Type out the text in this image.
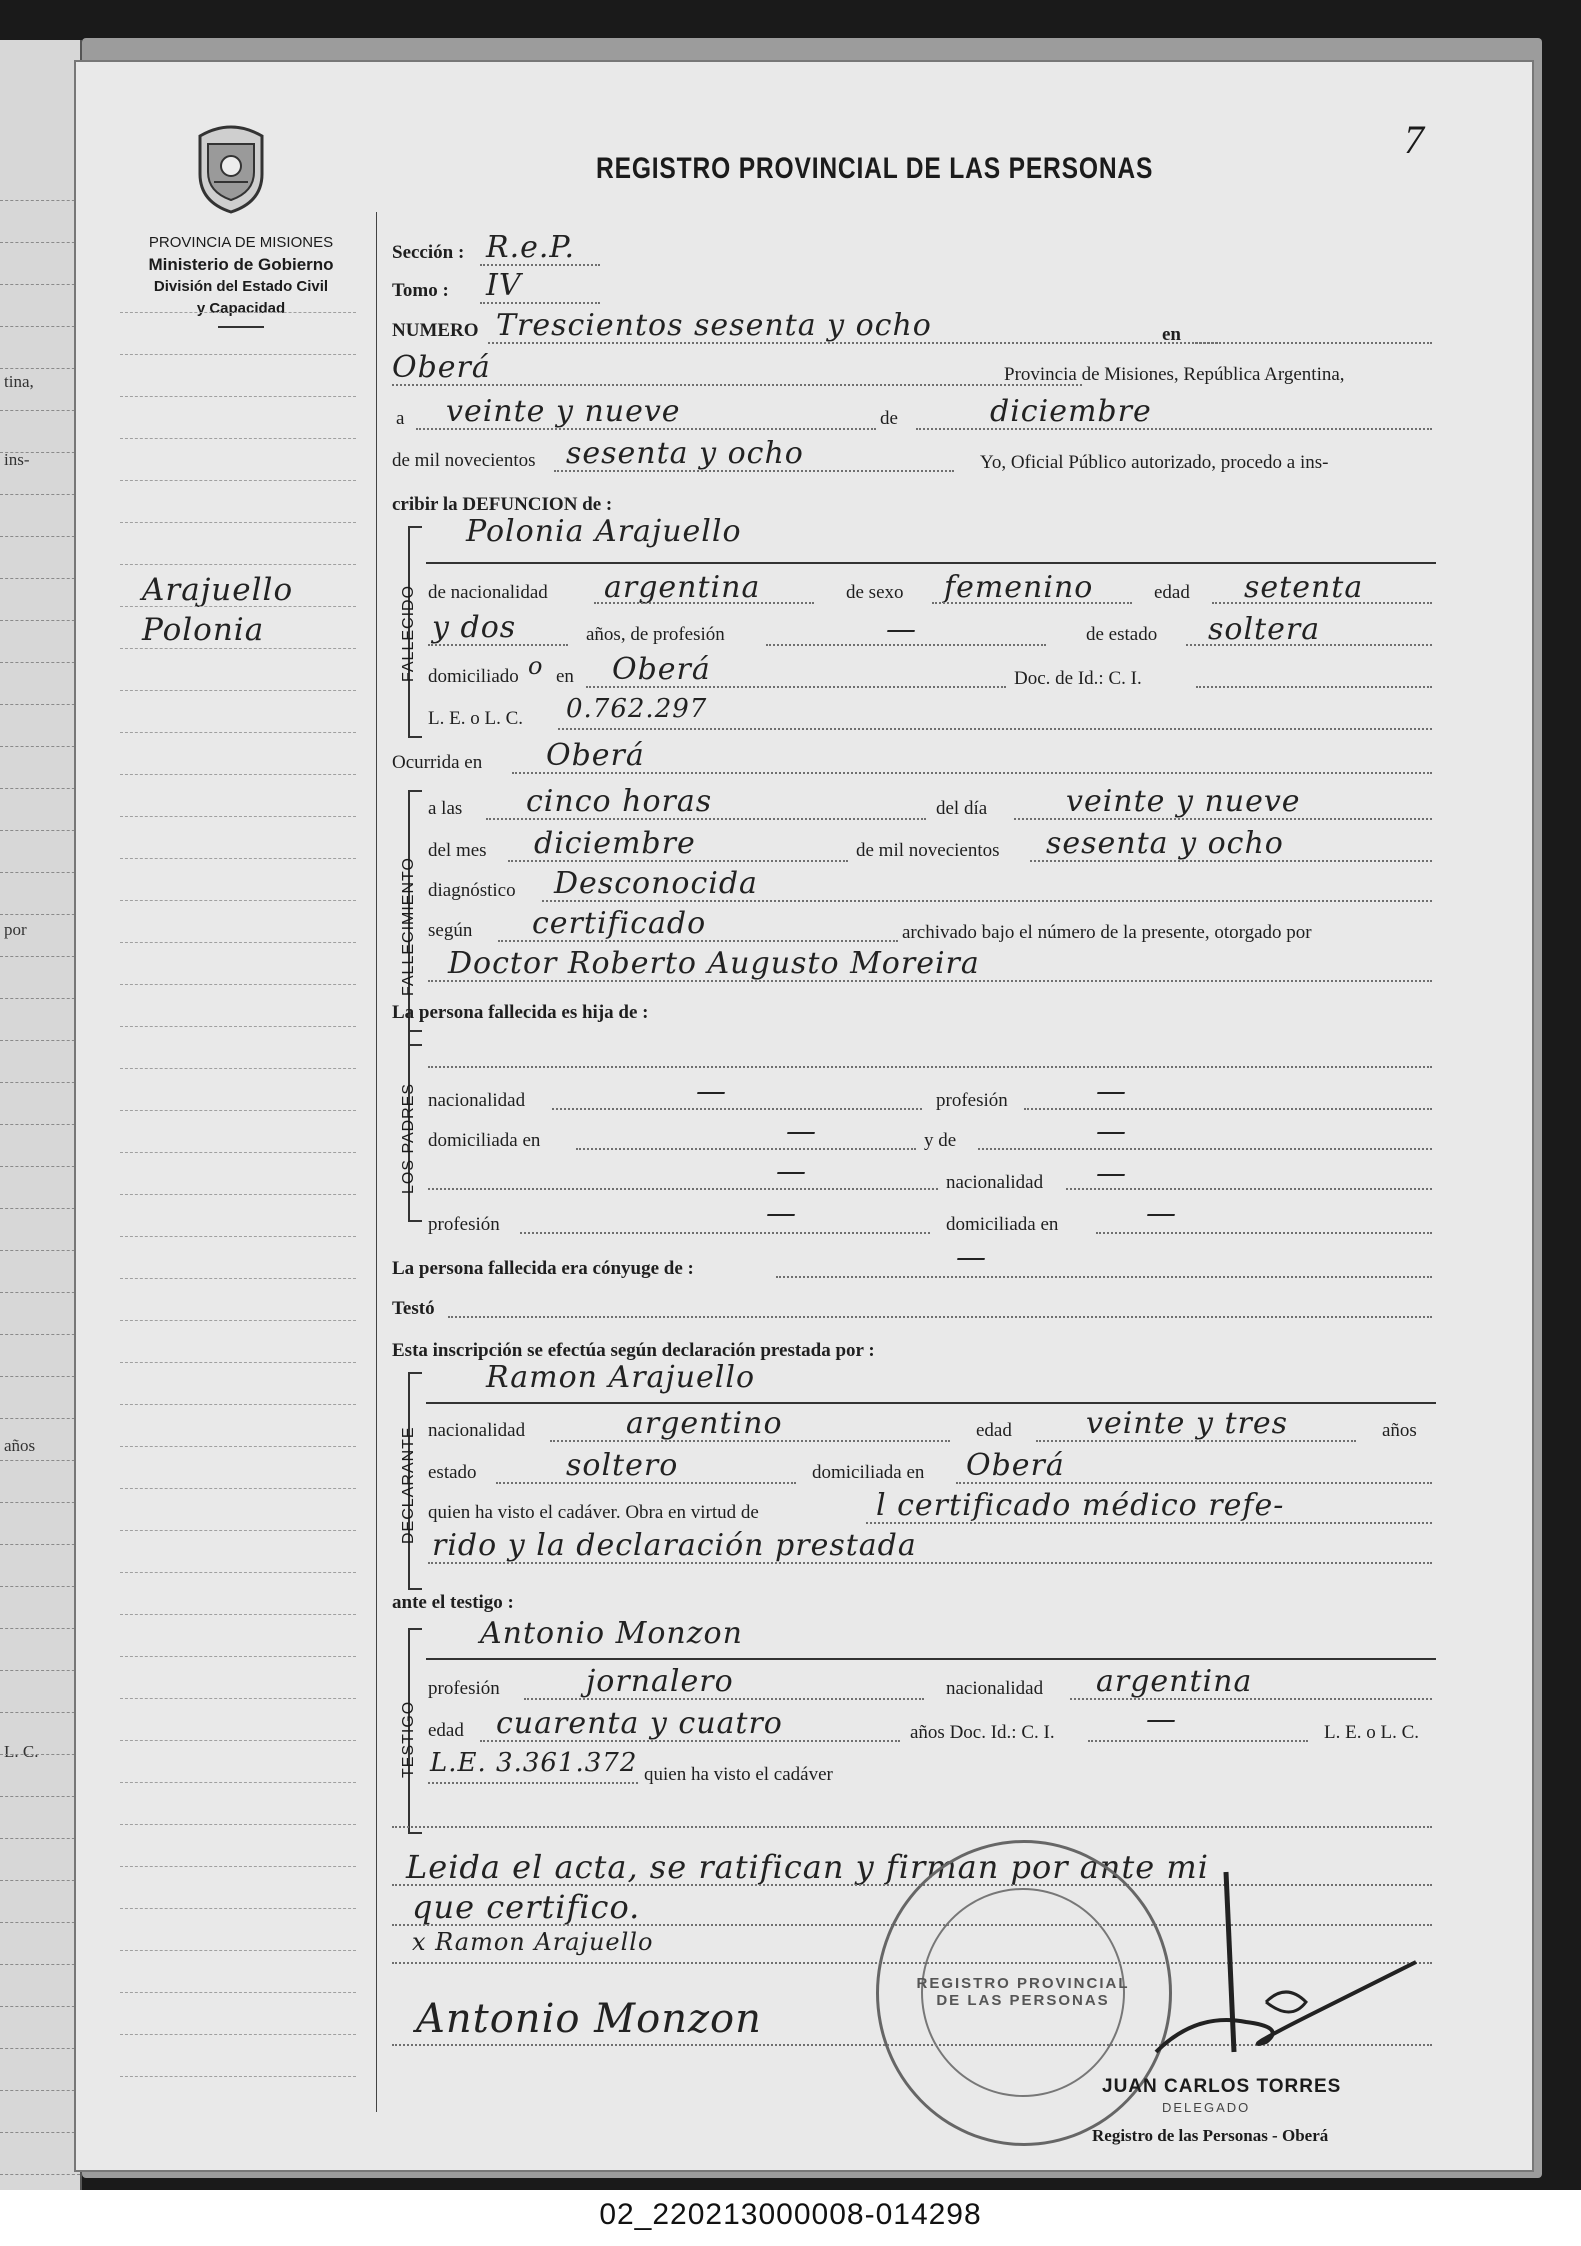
tina,
ins-
por
años
L. C.
7
PROVINCIA DE MISIONES
Ministerio de Gobierno
División del Estado Civil
y Capacidad
REGISTRO PROVINCIAL DE LAS PERSONAS
Arajuello
Polonia
Sección : R.e.P.
Tomo : IV
NUMERO Trescientos sesenta y ocho	en
Oberá	Provincia de Misiones, República Argentina,
a veinte y nueve	de	diciembre
de mil novecientos sesenta y ocho	Yo, Oficial Público autorizado, procedo a ins-
cribir la DEFUNCION de :
FALLECIDO
Polonia Arajuello
de nacionalidad argentina	de sexo femenino	edad setenta
y dos	años, de profesión	—	de estado soltera
domiciliado o en Oberá	Doc. de Id.: C. I.
L. E. o L. C. 0.762.297
Ocurrida en Oberá
FALLECIMIENTO
a las cinco horas	del día	veinte y nueve
del mes diciembre	de mil novecientos sesenta y ocho
diagnóstico Desconocida
según certificado	archivado bajo el número de la presente, otorgado por
Doctor Roberto Augusto Moreira
La persona fallecida es hija de :
LOS PADRES nacionalidad	—	profesión	—
domiciliada en	—	y de	—
—	nacionalidad —
profesión	—	domiciliada en	—
La persona fallecida era cónyuge de :	—
Testó
Esta inscripción se efectúa según declaración prestada por :
DECLARANTE
Ramon Arajuello
nacionalidad	argentino	edad veinte y tres	años
estado	soltero	domiciliada en Oberá
quien ha visto el cadáver. Obra en virtud de	l certificado médico refe-
rido y la declaración prestada
ante el testigo :
TESTIGO
Antonio Monzon
profesión	jornalero	nacionalidad argentina
edad cuarenta y cuatro	años Doc. Id.: C. I.	—	L. E. o L. C.
L.E. 3.361.372 quien ha visto el cadáver
Leida el acta, se ratifican y firman por ante mi
que certifico.
x Ramon Arajuello
Antonio Monzon
REGISTRO PROVINCIAL DE LAS PERSONAS
JUAN CARLOS TORRES
DELEGADO
Registro de las Personas - Oberá
02_220213000008-014298
